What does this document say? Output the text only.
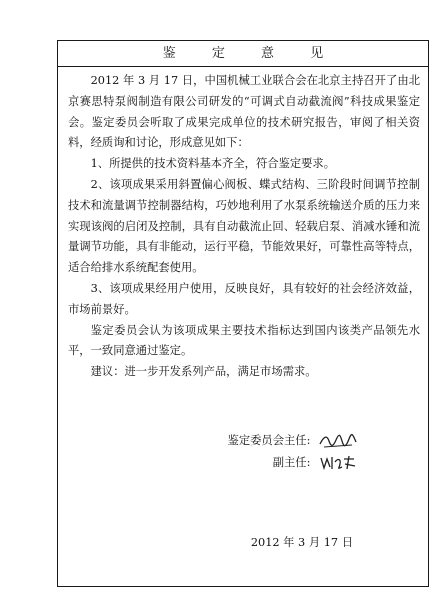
鉴 定 意 见

2012 年 3 月 17 日，中国机械工业联合会在北京主持召开了由北京赛思特泵阀制造有限公司研发的“可调式自动截流阀”科技成果鉴定会。鉴定委员会听取了成果完成单位的技术研究报告，审阅了相关资料，经质询和讨论，形成意见如下：

1、所提供的技术资料基本齐全，符合鉴定要求。

2、该项成果采用斜置偏心阀板、蝶式结构、三阶段时间调节控制技术和流量调节控制器结构，巧妙地利用了水泵系统输送介质的压力来实现该阀的启闭及控制，具有自动截流止回、轻载启泵、消减水锤和流量调节功能，具有非能动，运行平稳，节能效果好，可靠性高等特点，适合给排水系统配套使用。

3、该项成果经用户使用，反映良好，具有较好的社会经济效益，市场前景好。

鉴定委员会认为该项成果主要技术指标达到国内该类产品领先水平，一致同意通过鉴定。

建议：进一步开发系列产品，满足市场需求。

鉴定委员会主任:
副主任:
2012 年 3 月 17 日
